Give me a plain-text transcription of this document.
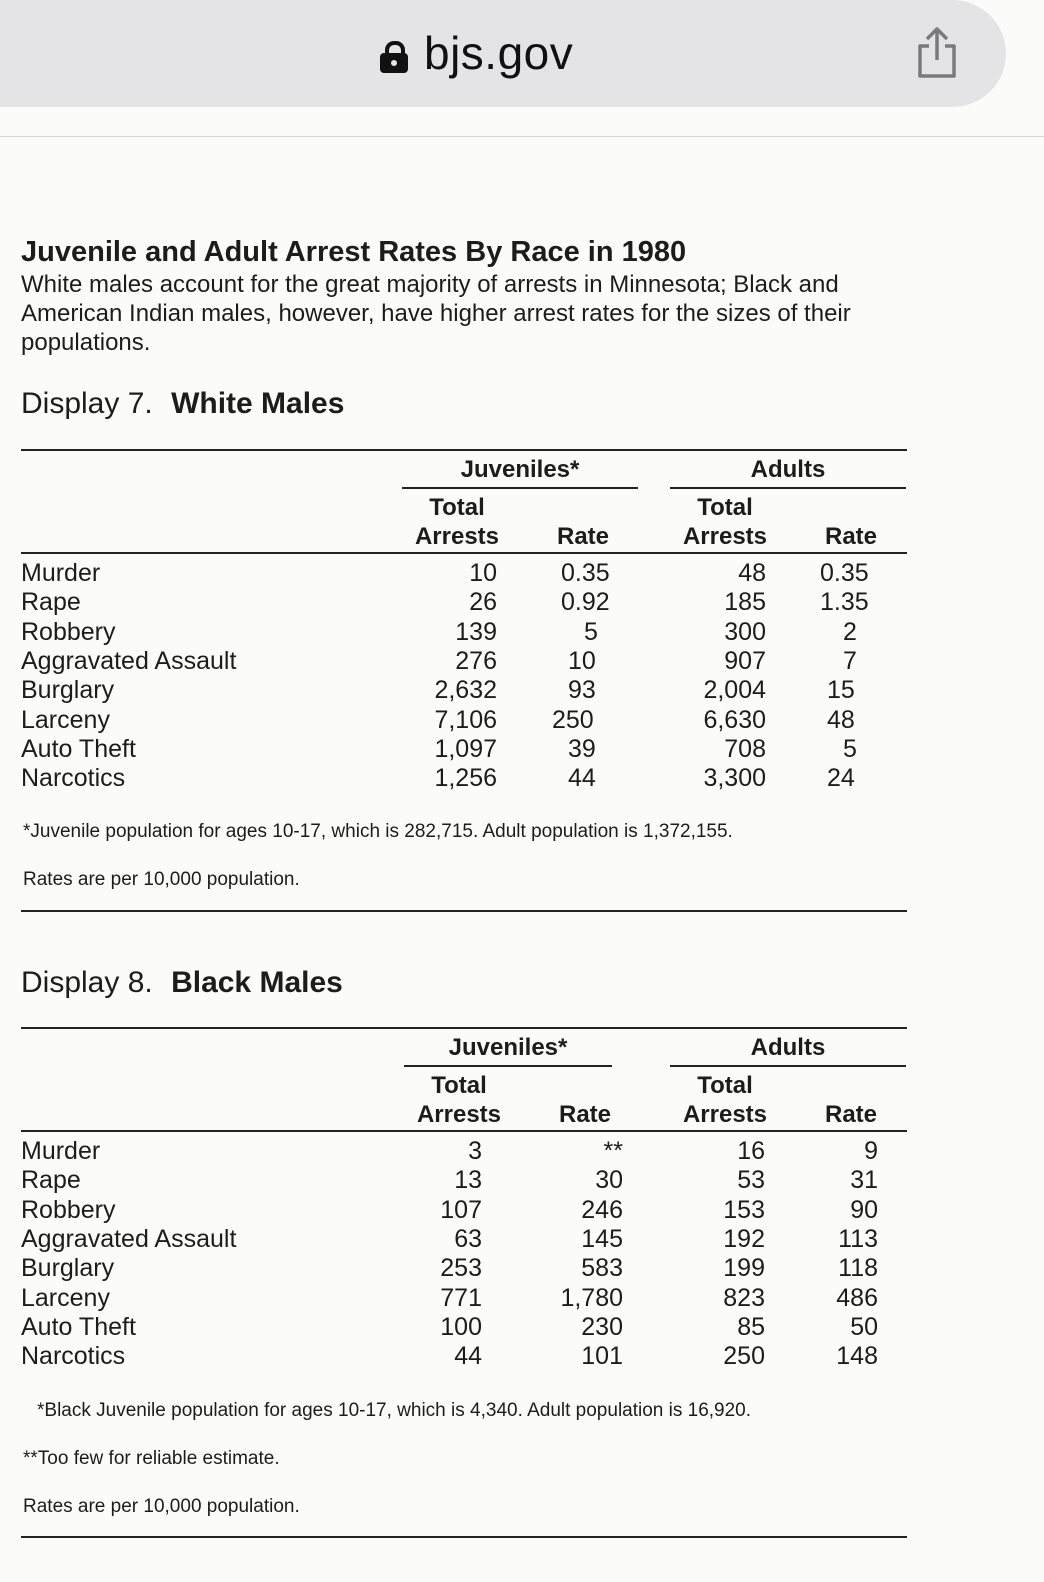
bjs.gov
Juvenile and Adult Arrest Rates By Race in 1980
White males account for the great majority of arrests in Minnesota; Black and American Indian males, however, have higher arrest rates for the sizes of their populations.
Display 7. White Males
Juveniles*	Adults
Total
Arrests	Rate
Total
Arrests	Rate
Murder	10	0.35	48 0.35
Rape	26	0.92	185 1.35
Robbery	139	5	300	2
Aggravated Assault	276	10	907	7
Burglary	2,632	93	2,004 15
Larceny	7,106 250	6,630 48
Auto Theft	1,097	39	708	5
Narcotics	1,256	44	3,300 24
*Juvenile population for ages 10-17, which is 282,715. Adult population is 1,372,155.
Rates are per 10,000 population.
Display 8. Black Males
Juveniles*	Adults
Total
Arrests	Rate
Total
Arrests	Rate
Murder	3	**	16	9
Rape	13	30	53	31
Robbery	107	246	153	90
Aggravated Assault	63	145	192	113
Burglary	253	583	199	118
Larceny	771	1,780	823	486
Auto Theft	100	230	85	50
Narcotics	44	101	250	148
*Black Juvenile population for ages 10-17, which is 4,340. Adult population is 16,920.
**Too few for reliable estimate.
Rates are per 10,000 population.
